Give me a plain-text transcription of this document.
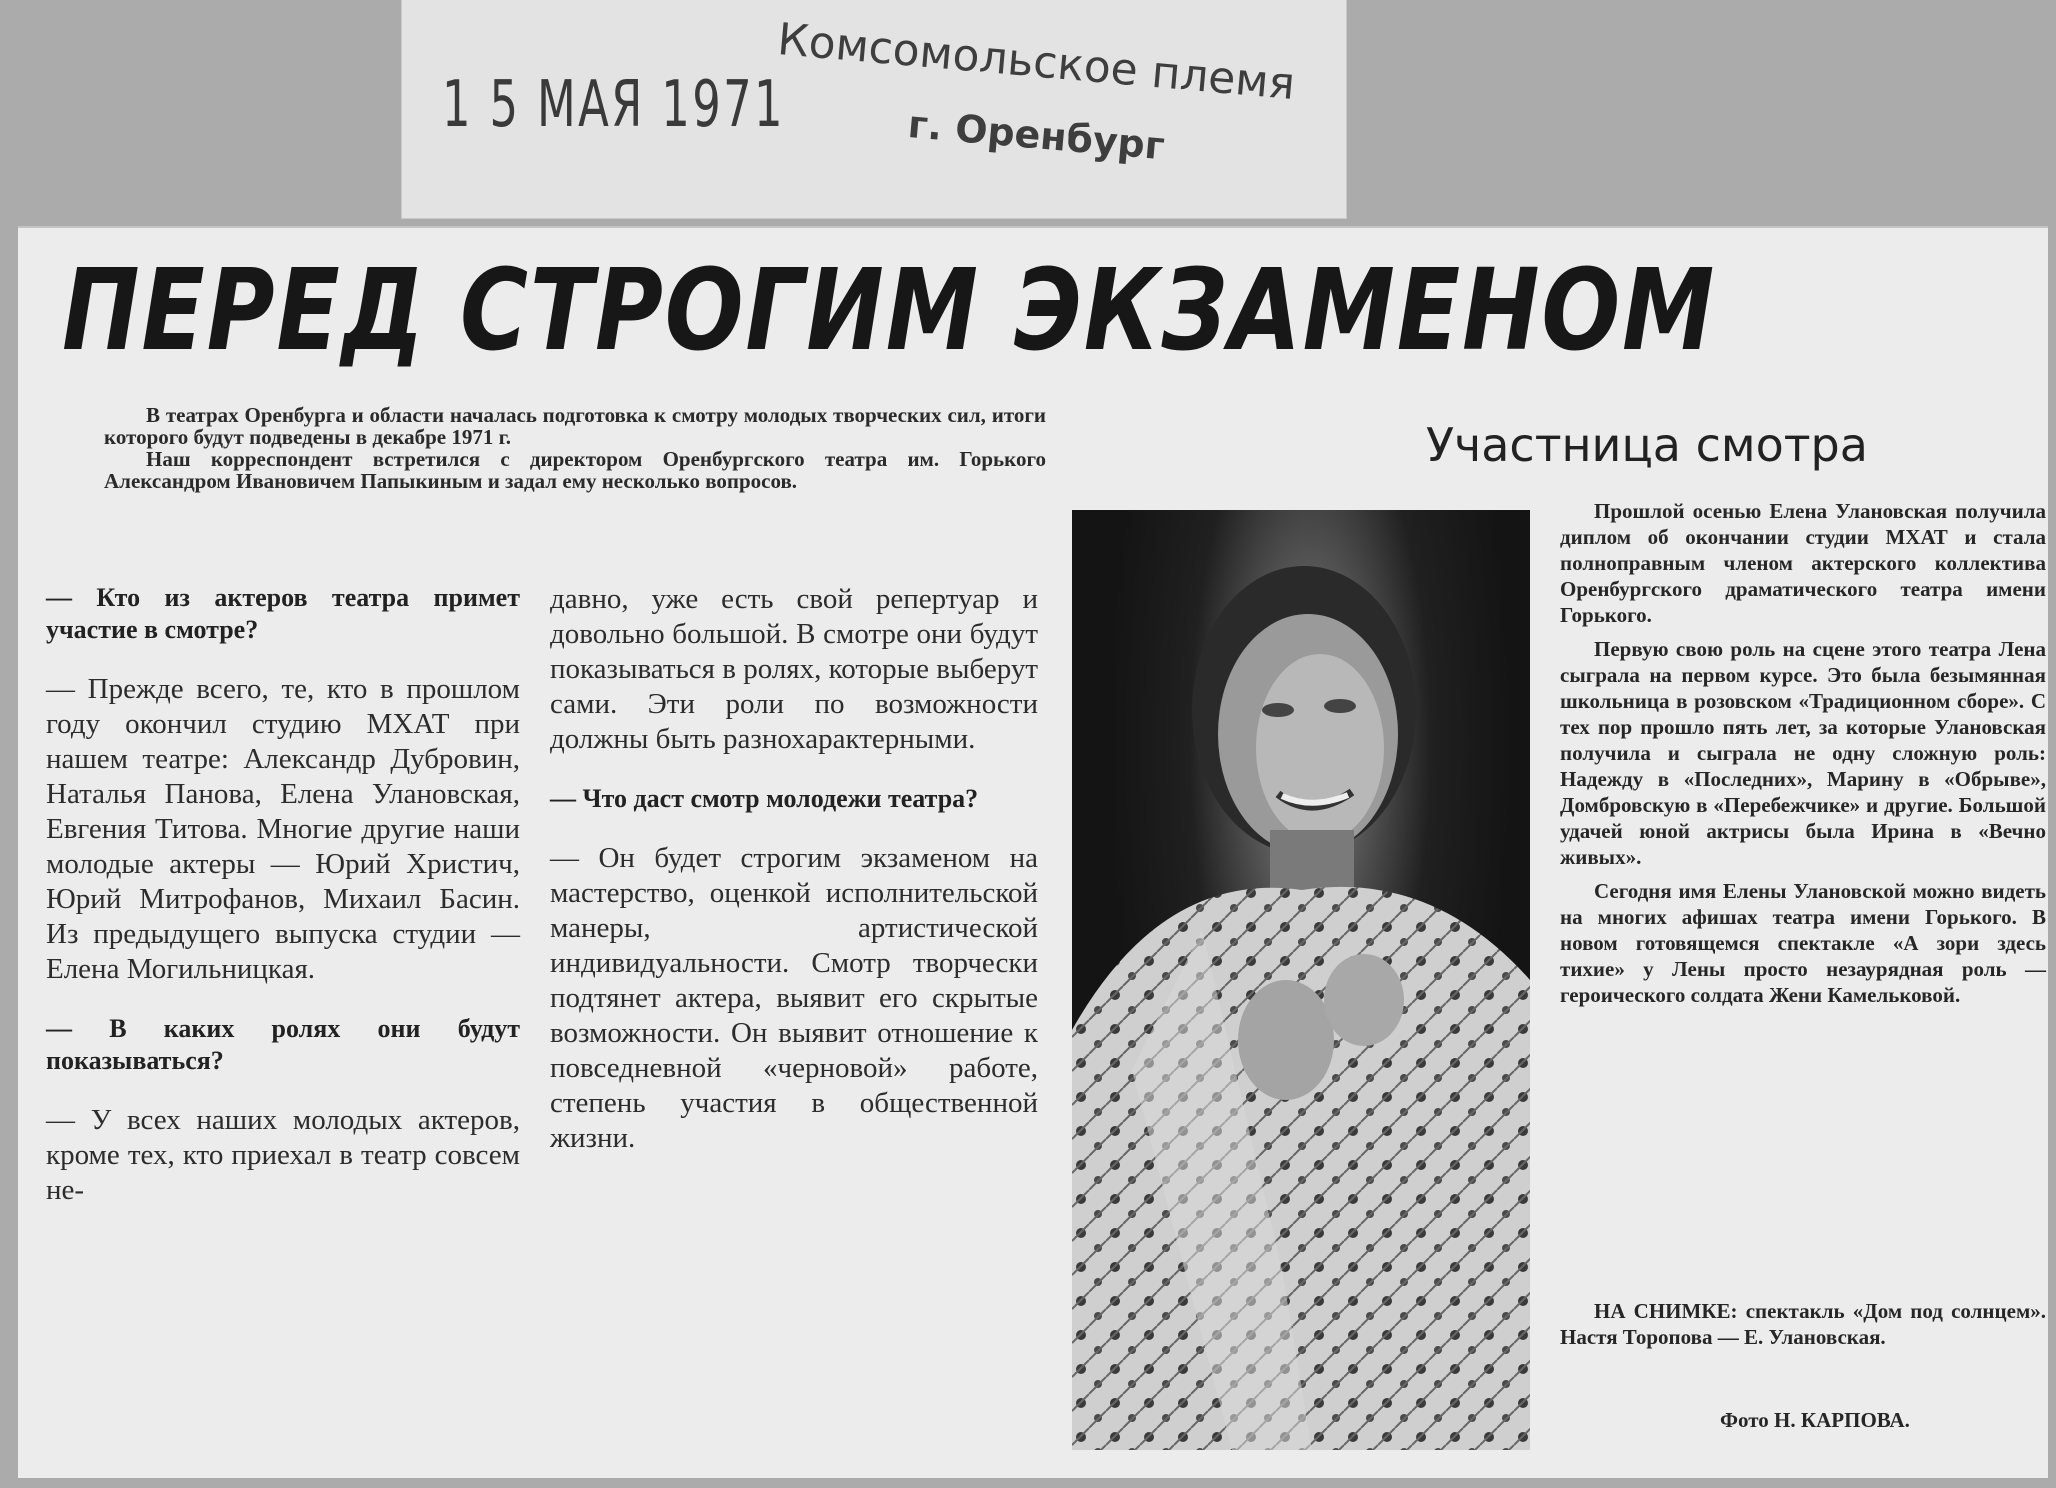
1 5 МАЯ 1971
Комсомольское племя
г. Оренбург
ПЕРЕД СТРОГИМ ЭКЗАМЕНОМ

В театрах Оренбурга и области началась подготовка к смотру молодых творческих сил, итоги которого будут подведены в декабре 1971 г.

Наш корреспондент встретился с директором Оренбургского театра им. Горького Александром Ивановичем Папыкиным и задал ему несколько вопросов.

— Кто из актеров театра примет участие в смотре?

— Прежде всего, те, кто в прошлом году окончил студию МХАТ при нашем театре: Александр Дубровин, Наталья Панова, Елена Улановская, Евгения Титова. Многие другие наши молодые актеры — Юрий Христич, Юрий Митрофанов, Михаил Басин. Из предыдущего выпуска студии — Елена Могильницкая.

— В каких ролях они будут показываться?

— У всех наших молодых актеров, кроме тех, кто приехал в театр совсем не-

давно, уже есть свой репертуар и довольно большой. В смотре они будут показываться в ролях, которые выберут сами. Эти роли по возможности должны быть разнохарактерными.

— Что даст смотр молодежи театра?

— Он будет строгим экзаменом на мастерство, оценкой исполнительской манеры, артистической индивидуальности. Смотр творчески подтянет актера, выявит его скрытые возможности. Он выявит отношение к повседневной «черновой» работе, степень участия в общественной жизни.

Участница смотра

Прошлой осенью Елена Улановская получила диплом об окончании студии МХАТ и стала полноправным членом актерского коллектива Оренбургского драматического театра имени Горького.

Первую свою роль на сцене этого театра Лена сыграла на первом курсе. Это была безымянная школьница в розовском «Традиционном сборе». С тех пор прошло пять лет, за которые Улановская получила и сыграла не одну сложную роль: Надежду в «Последних», Марину в «Обрыве», Домбровскую в «Перебежчике» и другие. Большой удачей юной актрисы была Ирина в «Вечно живых».

Сегодня имя Елены Улановской можно видеть на многих афишах театра имени Горького. В новом готовящемся спектакле «А зори здесь тихие» у Лены просто незаурядная роль — героического солдата Жени Камельковой.

НА СНИМКЕ: спектакль «Дом под солнцем». Настя Торопова — Е. Улановская.
Фото Н. КАРПОВА.
